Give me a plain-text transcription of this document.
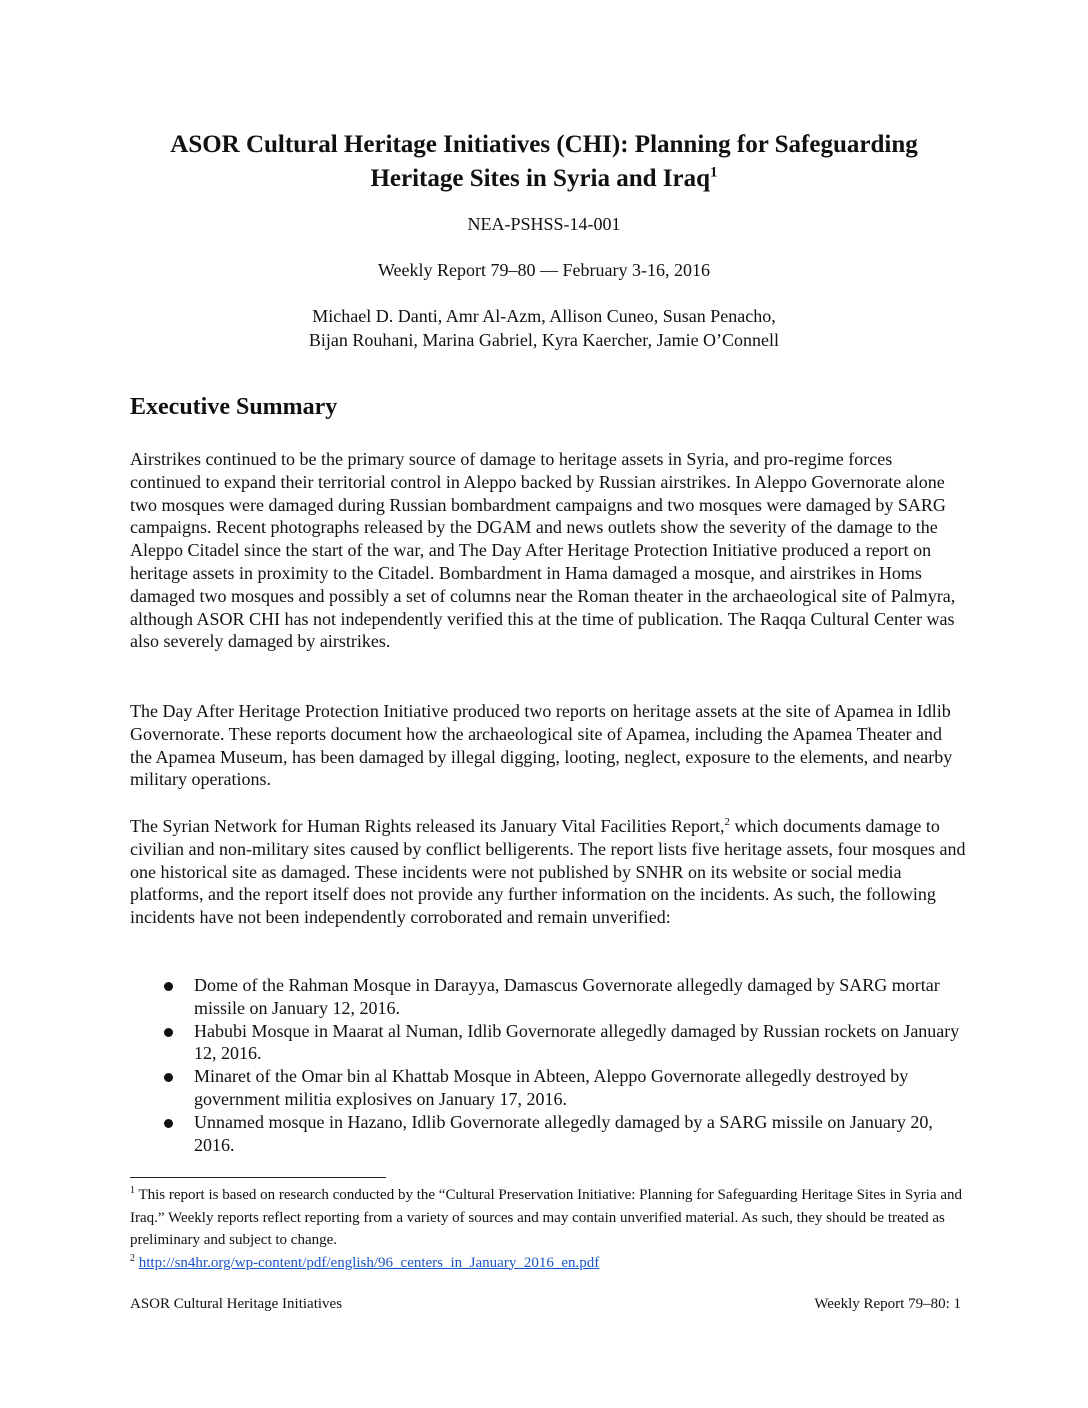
ASOR Cultural Heritage Initiatives (CHI): Planning for Safeguarding Heritage Sites in Syria and Iraq$^1$

NEA-PSHSS-14-001

Weekly Report 79–80 — February 3-16, 2016

Michael D. Danti, Amr Al-Azm, Allison Cuneo, Susan Penacho,
Bijan Rouhani, Marina Gabriel, Kyra Kaercher, Jamie O’Connell

Executive Summary

Airstrikes continued to be the primary source of damage to heritage assets in Syria, and pro-regime forces continued to expand their territorial control in Aleppo backed by Russian airstrikes. In Aleppo Governorate alone two mosques were damaged during Russian bombardment campaigns and two mosques were damaged by SARG campaigns. Recent photographs released by the DGAM and news outlets show the severity of the damage to the Aleppo Citadel since the start of the war, and The Day After Heritage Protection Initiative produced a report on heritage assets in proximity to the Citadel. Bombardment in Hama damaged a mosque, and airstrikes in Homs damaged two mosques and possibly a set of columns near the Roman theater in the archaeological site of Palmyra, although ASOR CHI has not independently verified this at the time of publication. The Raqqa Cultural Center was also severely damaged by airstrikes.

The Day After Heritage Protection Initiative produced two reports on heritage assets at the site of Apamea in Idlib Governorate. These reports document how the archaeological site of Apamea, including the Apamea Theater and the Apamea Museum, has been damaged by illegal digging, looting, neglect, exposure to the elements, and nearby military operations.

The Syrian Network for Human Rights released its January Vital Facilities Report,$^2$ which documents damage to civilian and non-military sites caused by conflict belligerents. The report lists five heritage assets, four mosques and one historical site as damaged. These incidents were not published by SNHR on its website or social media platforms, and the report itself does not provide any further information on the incidents. As such, the following incidents have not been independently corroborated and remain unverified:

Dome of the Rahman Mosque in Darayya, Damascus Governorate allegedly damaged by SARG mortar missile on January 12, 2016.
Habubi Mosque in Maarat al Numan, Idlib Governorate allegedly damaged by Russian rockets on January 12, 2016.
Minaret of the Omar bin al Khattab Mosque in Abteen, Aleppo Governorate allegedly destroyed by government militia explosives on January 17, 2016.
Unnamed mosque in Hazano, Idlib Governorate allegedly damaged by a SARG missile on January 20, 2016.

$^1$ This report is based on research conducted by the “Cultural Preservation Initiative: Planning for Safeguarding Heritage Sites in Syria and Iraq.” Weekly reports reflect reporting from a variety of sources and may contain unverified material. As such, they should be treated as preliminary and subject to change.

$^2$ http://sn4hr.org/wp-content/pdf/english/96_centers_in_January_2016_en.pdf

ASOR Cultural Heritage Initiatives	Weekly Report 79–80: 1
